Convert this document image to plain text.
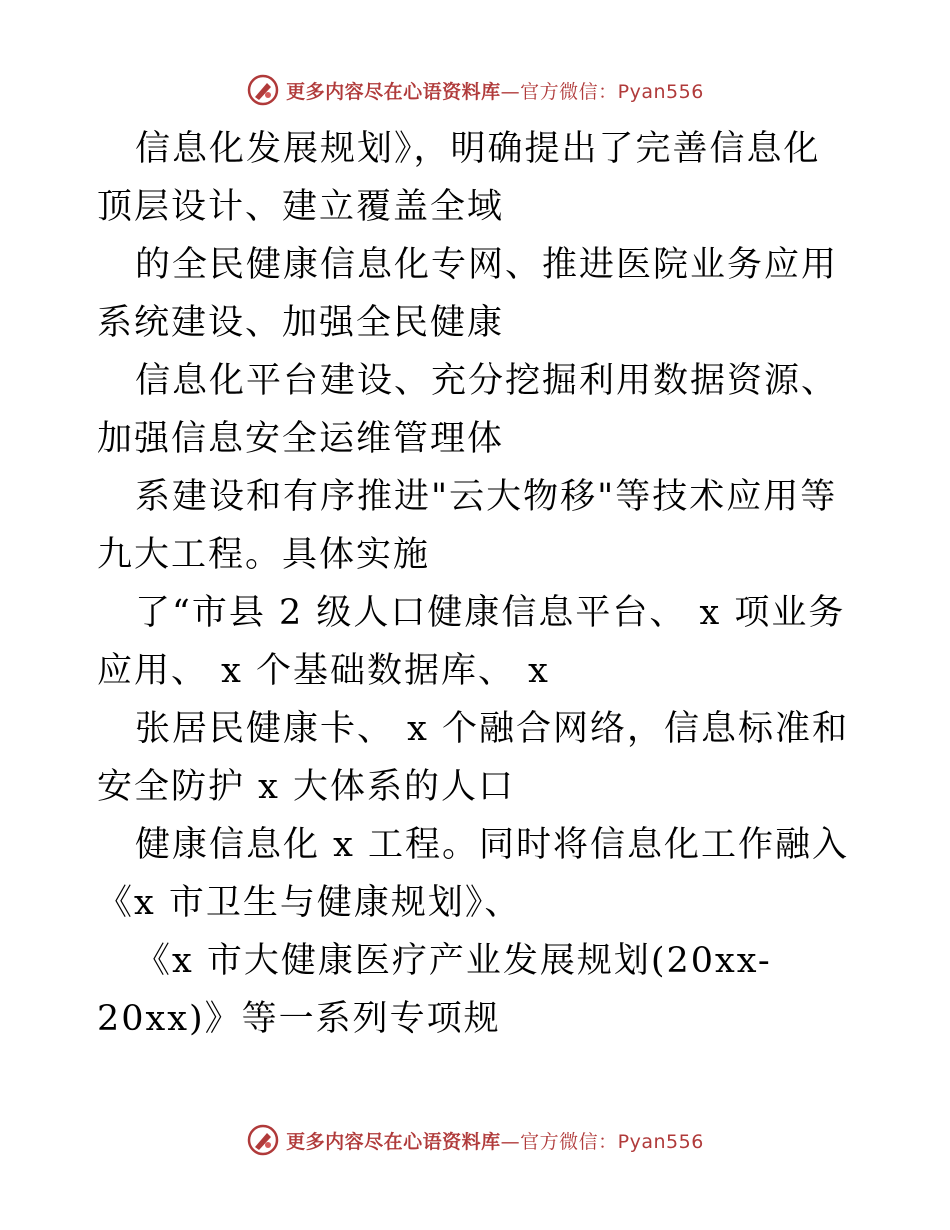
更多内容尽在心语资料库—官方微信：Pyan556

信息化发展规划》，明确提出了完善信息化顶层设计、建立覆盖全域

的全民健康信息化专网、推进医院业务应用系统建设、加强全民健康

信息化平台建设、充分挖掘利用数据资源、加强信息安全运维管理体

系建设和有序推进"云大物移"等技术应用等九大工程。具体实施

了“市县 2 级人口健康信息平台、 x 项业务应用、 x 个基础数据库、 x

张居民健康卡、 x 个融合网络，信息标准和安全防护 x 大体系的人口

健康信息化 x 工程。同时将信息化工作融入《x 市卫生与健康规划》、

《x 市大健康医疗产业发展规划(20xx-20xx)》等一系列专项规

更多内容尽在心语资料库—官方微信：Pyan556
